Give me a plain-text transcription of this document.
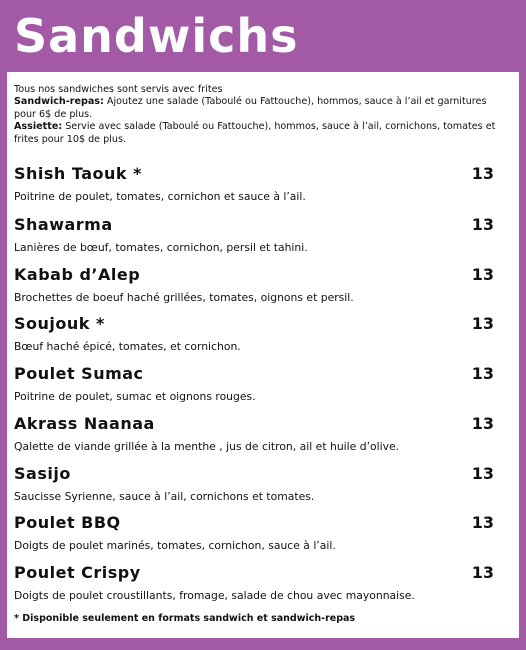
Sandwichs
Tous nos sandwiches sont servis avec frites
Sandwich-repas: Ajoutez une salade (Taboulé ou Fattouche), hommos, sauce à l’ail et garnitures pour 6$ de plus.
Assiette: Servie avec salade (Taboulé ou Fattouche), hommos, sauce à l’ail, cornichons, tomates et frites pour 10$ de plus.
Shish Taouk *	13
Poitrine de poulet, tomates, cornichon et sauce à l’ail.
Shawarma	13
Lanières de bœuf, tomates, cornichon, persil et tahini.
Kabab d’Alep	13
Brochettes de boeuf haché grillées, tomates, oignons et persil.
Soujouk *	13
Bœuf haché épicé, tomates, et cornichon.
Poulet Sumac	13
Poitrine de poulet, sumac et oignons rouges.
Akrass Naanaa	13
Qalette de viande grillée à la menthe , jus de citron, ail et huile d’olive.
Sasijo	13
Saucisse Syrienne, sauce à l’ail, cornichons et tomates.
Poulet BBQ	13
Doigts de poulet marinés, tomates, cornichon, sauce à l’ail.
Poulet Crispy	13
Doigts de poulet croustillants, fromage, salade de chou avec mayonnaise.
* Disponible seulement en formats sandwich et sandwich-repas
